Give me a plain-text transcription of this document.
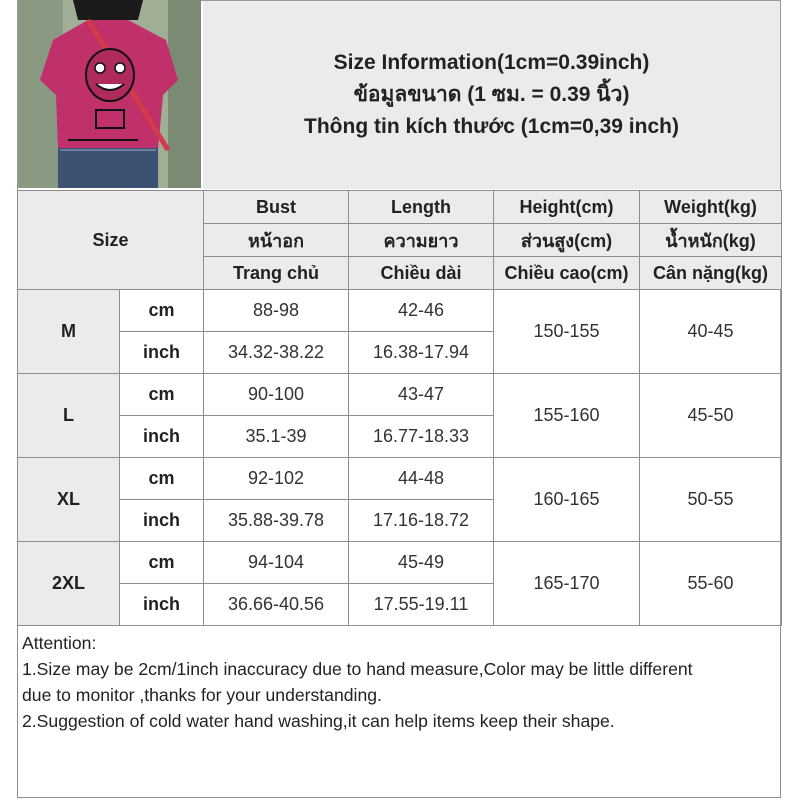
Size Information(1cm=0.39inch)
ข้อมูลขนาด (1 ซม. = 0.39 นิ้ว)
Thông tin kích thước (1cm=0,39 inch)
Size		Bust	Length	Height(cm)	Weight(kg)
		หน้าอก	ความยาว	ส่วนสูง(cm)	น้ำหนัก(kg)
		Trang chủ	Chiều dài	Chiều cao(cm)	Cân nặng(kg)
M	cm	88-98	42-46	150-155	40-45
	inch	34.32-38.22	16.38-17.94		
L	cm	90-100	43-47	155-160	45-50
	inch	35.1-39	16.77-18.33		
XL	cm	92-102	44-48	160-165	50-55
	inch	35.88-39.78	17.16-18.72		
2XL	cm	94-104	45-49	165-170	55-60
	inch	36.66-40.56	17.55-19.11		
Attention:
1.Size may be 2cm/1inch inaccuracy due to hand measure,Color may be little different
due to monitor ,thanks for your understanding.
2.Suggestion of cold water hand washing,it can help items keep their shape.
